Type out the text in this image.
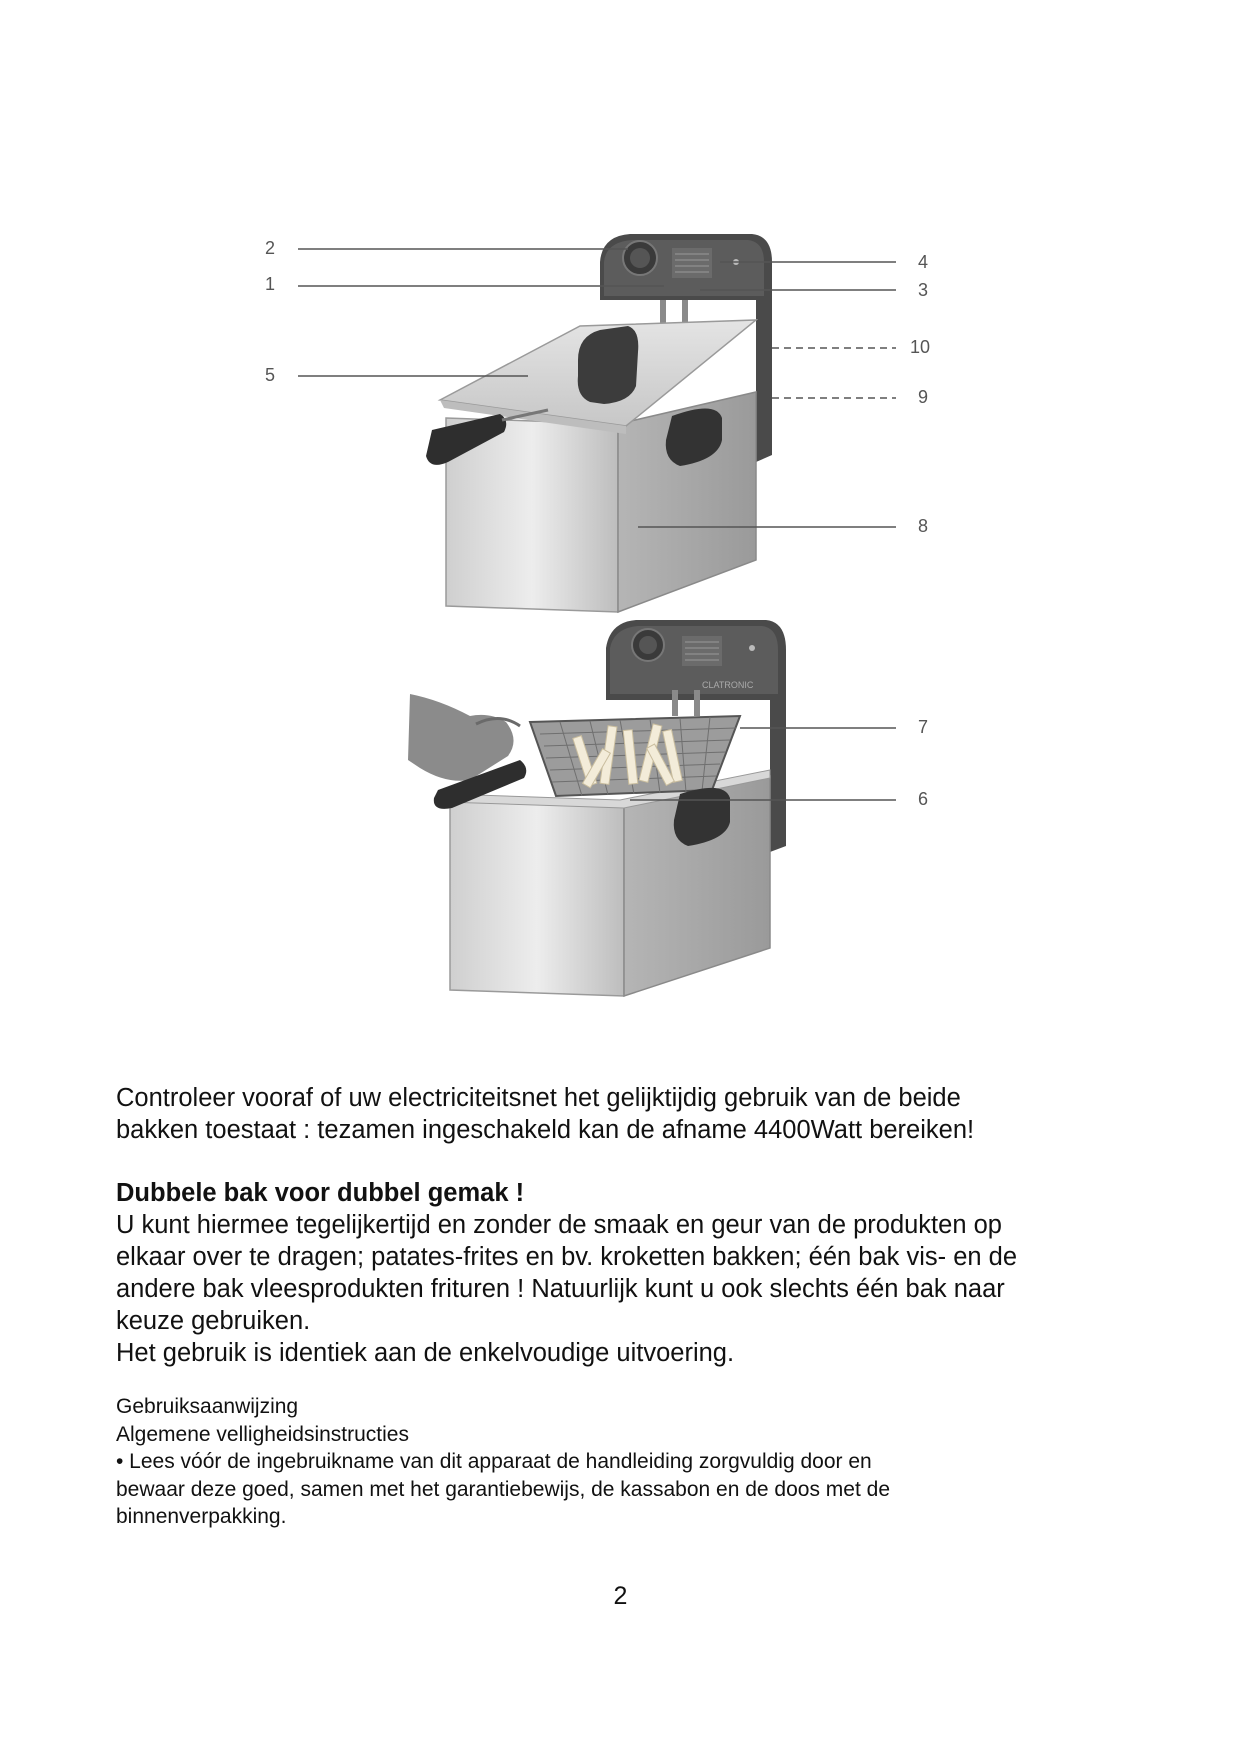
CLATRONIC
2
1
5
4
3
10
9
8
7
6

Controleer vooraf of uw electriciteitsnet het gelijktijdig gebruik van de beide

bakken toestaat : tezamen ingeschakeld kan de afname 4400Watt bereiken!

Dubbele bak voor dubbel gemak !

U kunt hiermee tegelijkertijd en zonder de smaak en geur van de produkten op

elkaar over te dragen; patates-frites en bv. kroketten bakken; één bak vis- en de

andere bak vleesprodukten frituren ! Natuurlijk kunt u ook slechts één bak naar

keuze gebruiken.

Het gebruik is identiek aan de enkelvoudige uitvoering.

Gebruiksaanwijzing

Algemene velligheidsinstructies

• Lees vóór de ingebruikname van dit apparaat de handleiding zorgvuldig door en

bewaar deze goed, samen met het garantiebewijs, de kassabon en de doos met de

binnenverpakking.

2
